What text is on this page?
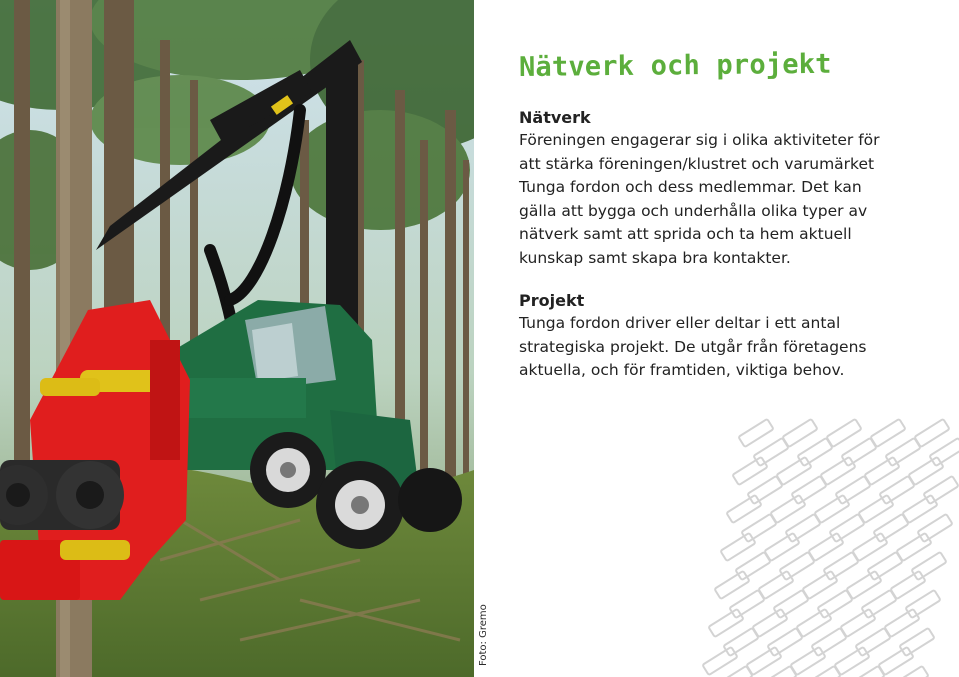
Foto: Gremo
Nätverk och projekt
Nätverk

Föreningen engagerar sig i olika aktiviteter för
att stärka föreningen/klustret och varumärket
Tunga fordon och dess medlemmar. Det kan
gälla att bygga och underhålla olika typer av
nätverk samt att sprida och ta hem aktuell
kunskap samt skapa bra kontakter.

Projekt

Tunga fordon driver eller deltar i ett antal
strategiska projekt. De utgår från företagens
aktuella, och för framtiden, viktiga behov.
